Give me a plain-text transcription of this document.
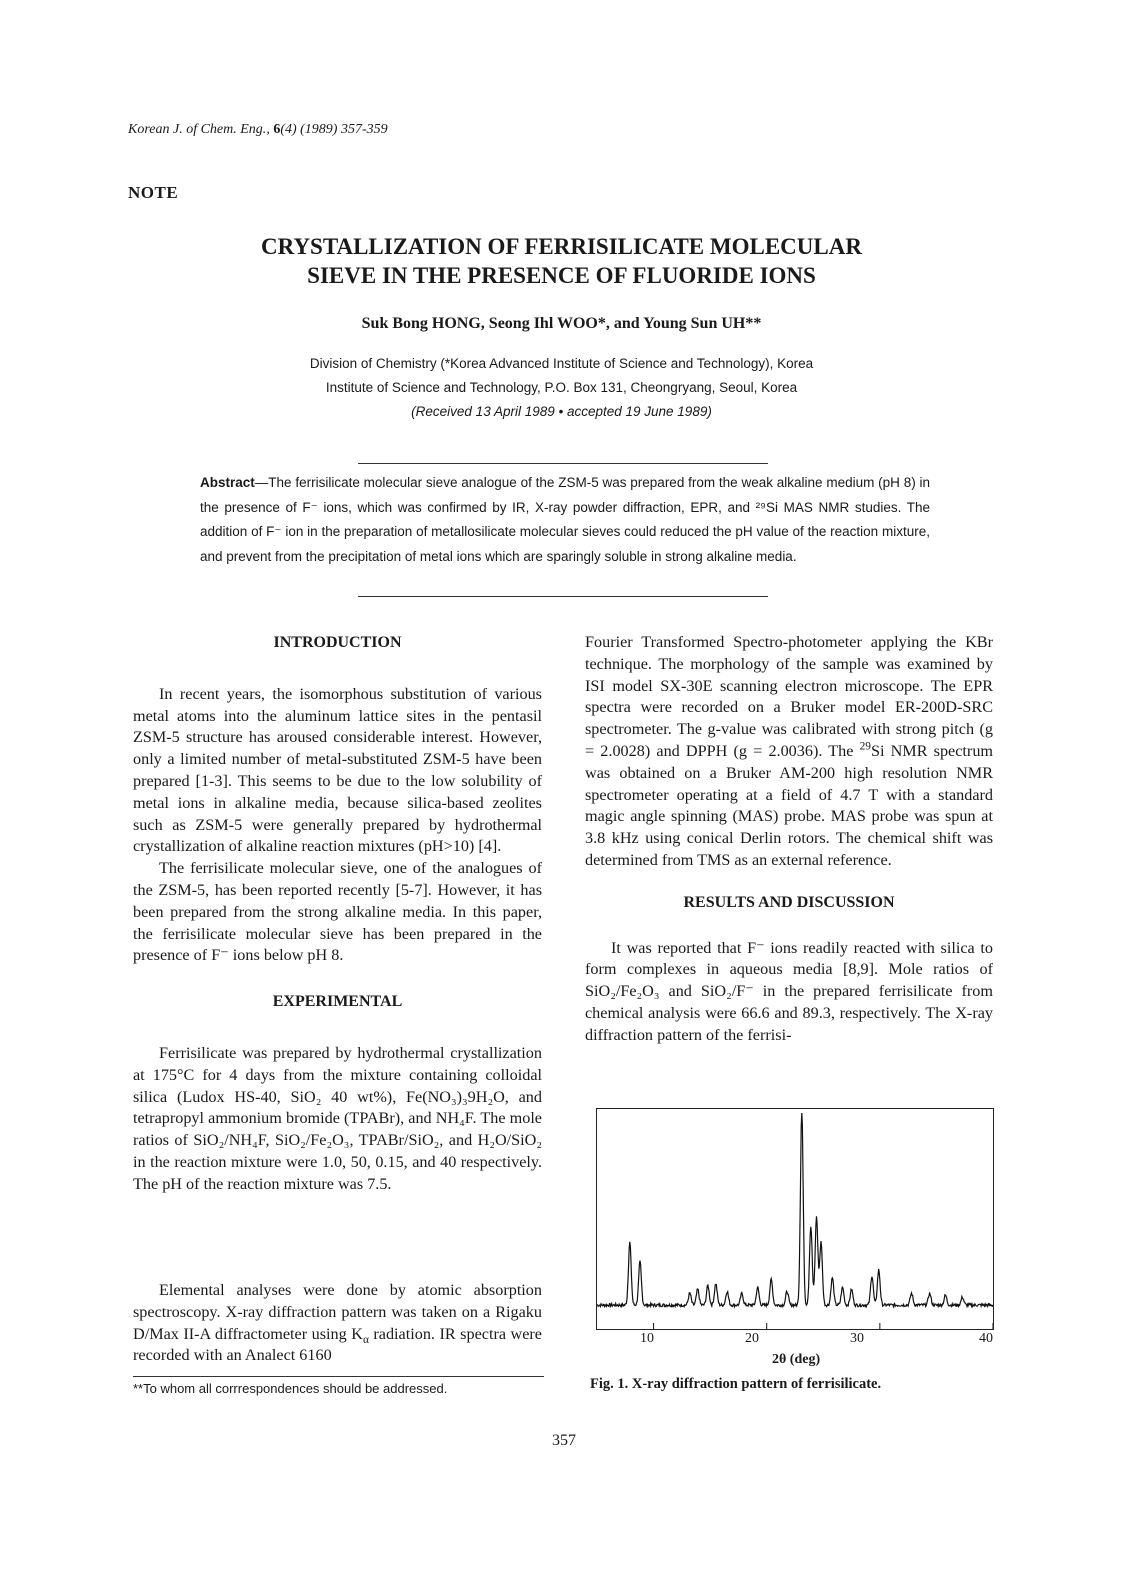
Korean J. of Chem. Eng., 6(4) (1989) 357-359
NOTE
CRYSTALLIZATION OF FERRISILICATE MOLECULAR
SIEVE IN THE PRESENCE OF FLUORIDE IONS
Suk Bong HONG, Seong Ihl WOO*, and Young Sun UH**
Division of Chemistry (*Korea Advanced Institute of Science and Technology), Korea
Institute of Science and Technology, P.O. Box 131, Cheongryang, Seoul, Korea
(Received 13 April 1989 • accepted 19 June 1989)
Abstract—The ferrisilicate molecular sieve analogue of the ZSM-5 was prepared from the weak alkaline medium (pH 8) in the presence of F⁻ ions, which was confirmed by IR, X-ray powder diffraction, EPR, and ²⁹Si MAS NMR studies. The addition of F⁻ ion in the preparation of metallosilicate molecular sieves could reduced the pH value of the reaction mixture, and prevent from the precipitation of metal ions which are sparingly soluble in strong alkaline media.
INTRODUCTION

In recent years, the isomorphous substitution of various metal atoms into the aluminum lattice sites in the pentasil ZSM-5 structure has aroused considerable interest. However, only a limited number of metal-substituted ZSM-5 have been prepared [1-3]. This seems to be due to the low solubility of metal ions in alkaline media, because silica-based zeolites such as ZSM-5 were generally prepared by hydrothermal crystallization of alkaline reaction mixtures (pH>10) [4].

The ferrisilicate molecular sieve, one of the analogues of the ZSM-5, has been reported recently [5-7]. However, it has been prepared from the strong alkaline media. In this paper, the ferrisilicate molecular sieve has been prepared in the presence of F⁻ ions below pH 8.

EXPERIMENTAL

Ferrisilicate was prepared by hydrothermal crystallization at 175°C for 4 days from the mixture containing colloidal silica (Ludox HS-40, SiO₂ 40 wt%), Fe(NO₃)₃9H₂O, and tetrapropyl ammonium bromide (TPABr), and NH₄F. The mole ratios of SiO₂/NH₄F, SiO₂/Fe₂O₃, TPABr/SiO₂, and H₂O/SiO₂ in the reaction mixture were 1.0, 50, 0.15, and 40 respectively. The pH of the reaction mixture was 7.5.

Elemental analyses were done by atomic absorption spectroscopy. X-ray diffraction pattern was taken on a Rigaku D/Max II-A diffractometer using $K_\alpha$ radiation. IR spectra were recorded with an Analect 6160

Fourier Transformed Spectro-photometer applying the KBr technique. The morphology of the sample was examined by ISI model SX-30E scanning electron microscope. The EPR spectra were recorded on a Bruker model ER-200D-SRC spectrometer. The g-value was calibrated with strong pitch (g = 2.0028) and DPPH (g = 2.0036). The $^{29}$Si NMR spectrum was obtained on a Bruker AM-200 high resolution NMR spectrometer operating at a field of 4.7 T with a standard magic angle spinning (MAS) probe. MAS probe was spun at 3.8 kHz using conical Derlin rotors. The chemical shift was determined from TMS as an external reference.

RESULTS AND DISCUSSION

It was reported that F⁻ ions readily reacted with silica to form complexes in aqueous media [8,9]. Mole ratios of SiO₂/Fe₂O₃ and SiO₂/F⁻ in the prepared ferrisilicate from chemical analysis were 66.6 and 89.3, respectively. The X-ray diffraction pattern of the ferrisi-

10	20	30	40
2θ (deg)
Fig. 1. X-ray diffraction pattern of ferrisilicate.
**To whom all corrrespondences should be addressed.
357
